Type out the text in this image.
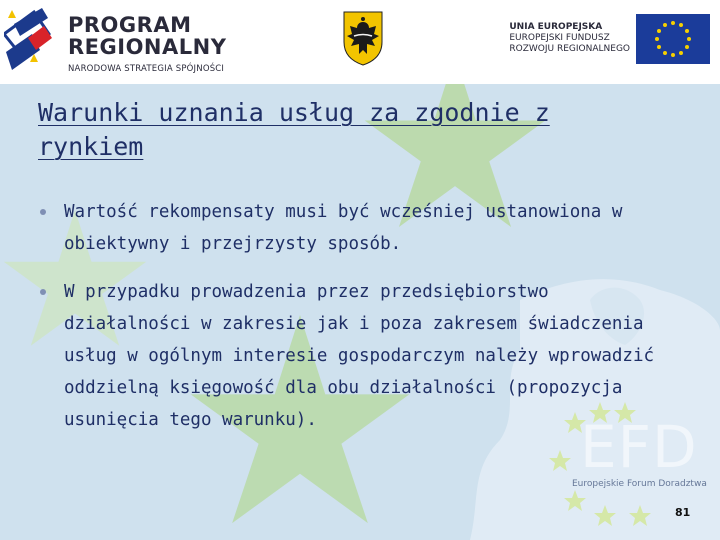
PROGRAM
REGIONALNY
NARODOWA STRATEGIA SPÓJNOŚCI
UNIA EUROPEJSKA
EUROPEJSKI FUNDUSZ
ROZWOJU REGIONALNEGO
Warunki uznania usług za zgodnie z rynkiem
Wartość rekompensaty musi być wcześniej ustanowiona w obiektywny i przejrzysty sposób.
W przypadku prowadzenia przez przedsiębiorstwo działalności w zakresie jak i poza zakresem świadczenia usług w ogólnym interesie gospodarczym należy wprowadzić oddzielną księgowość dla obu działalności (propozycja usunięcia tego warunku).	EFD
Europejskie Forum Doradztwa
81
